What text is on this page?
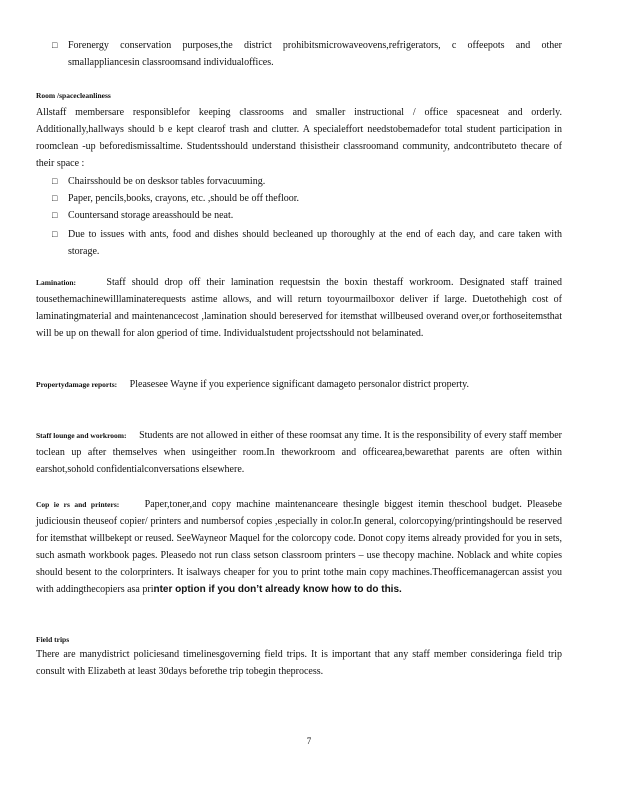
□	Forenergy conservation purposes,the district prohibitsmicrowaveovens,refrigerators, c offeepots and other smallappliancesin classroomsand individualoffices.
Room /spacecleanliness
Allstaff membersare responsiblefor keeping classrooms and smaller instructional / office spacesneat and orderly. Additionally,hallways should b e kept clearof trash and clutter. A specialeffort needstobemadefor total student participation in roomclean -up beforedismissaltime. Studentsshould understand thisistheir classroomand community, andcontributeto thecare of their space :
□	Chairsshould be on desksor tables forvacuuming.
□	Paper, pencils,books, crayons, etc. ,should be off thefloor.
□	Countersand storage areasshould be neat.
□	Due to issues with ants, food and dishes should becleaned up thoroughly at the end of each day, and care taken with storage.
Lamination:	Staff should drop off their lamination requestsin the boxin thestaff workroom. Designated staff trained tousethemachinewilllaminaterequests astime allows, and will return toyourmailboxor deliver if large. Duetothehigh cost of laminatingmaterial and maintenancecost ,lamination should bereserved for itemsthat willbeused overand over,or forthoseitemsthat will be up on thewall for alon gperiod of time. Individualstudent projectsshould not belaminated.
Propertydamage reports: Pleasesee Wayne if you experience significant damageto personalor district property.
Staff lounge and workroom: Students are not allowed in either of these roomsat any time. It is the responsibility of every staff member toclean up after themselves when usingeither room.In theworkroom and officearea,bewarethat parents are often within earshot,sohold confidentialconversations elsewhere.
Cop ie rs and printers:	Paper,toner,and copy machine maintenanceare thesingle biggest itemin theschool budget. Pleasebe judiciousin theuseof copier/ printers and numbersof copies ,especially in color.In general, colorcopying/printingshould be reserved for itemsthat willbekept or reused. SeeWayneor Maquel for the colorcopy code. Donot copy items already provided for you in sets, such asmath workbook pages. Pleasedo not run class setson classroom printers – use thecopy machine. Noblack and white copies should besent to the colorprinters. It isalways cheaper for you to print tothe main copy machines.Theofficemanagercan assist you with addingthecopiers asa printer option if you don’t already know how to do this.
Field trips
There are manydistrict policiesand timelinesgoverning field trips. It is important that any staff member consideringa field trip consult with Elizabeth at least 30days beforethe trip tobegin theprocess.
7
